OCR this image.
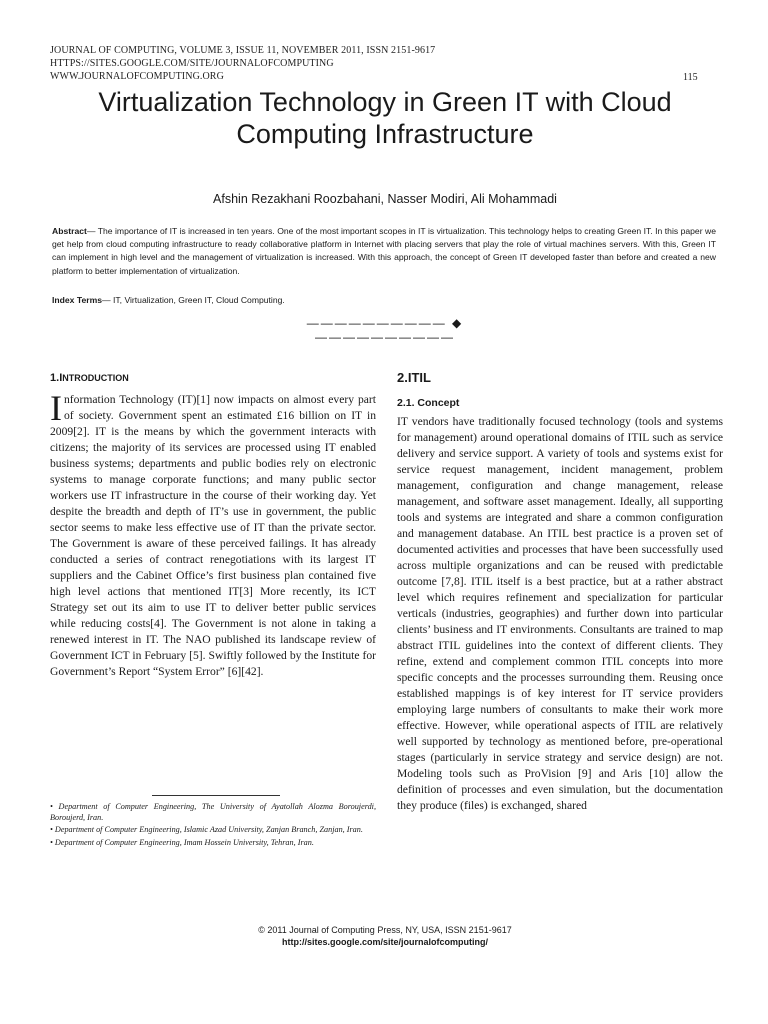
JOURNAL OF COMPUTING, VOLUME 3, ISSUE 11, NOVEMBER 2011, ISSN 2151-9617
HTTPS://SITES.GOOGLE.COM/SITE/JOURNALOFCOMPUTING
WWW.JOURNALOFCOMPUTING.ORG	115
Virtualization Technology in Green IT with Cloud
Computing Infrastructure
Afshin Rezakhani Roozbahani, Nasser Modiri, Ali Mohammadi
Abstract— The importance of IT is increased in ten years. One of the most important scopes in IT is virtualization. This technology helps to creating Green IT. In this paper we get help from cloud computing infrastructure to ready collaborative platform in Internet with placing servers that play the role of virtual machines servers. With this, Green IT can implement in high level and the management of virtualization is increased. With this approach, the concept of Green IT developed faster than before and created a new platform to better implementation of virtualization.
Index Terms— IT, Virtualization, Green IT, Cloud Computing.
—————————— ◆ ——————————
1.INTRODUCTION

Information Technology (IT)[1] now impacts on almost every part of society. Government spent an estimated £16 billion on IT in 2009[2]. IT is the means by which the government interacts with citizens; the majority of its services are processed using IT enabled business systems; departments and public bodies rely on electronic systems to manage corporate functions; and many public sector workers use IT infrastructure in the course of their working day. Yet despite the breadth and depth of IT’s use in government, the public sector seems to make less effective use of IT than the private sector. The Government is aware of these perceived failings. It has already conducted a series of contract renegotiations with its largest IT suppliers and the Cabinet Office’s first business plan contained five high level actions that mentioned IT[3] More recently, its ICT Strategy set out its aim to use IT to deliver better public services while reducing costs[4]. The Government is not alone in taking a renewed interest in IT. The NAO published its landscape review of Government ICT in February [5]. Swiftly followed by the Institute for Government’s Report “System Error” [6][42].

• Department of Computer Engineering, The University of Ayatollah Alozma Boroujerdi, Boroujerd, Iran.

• Department of Computer Engineering, Islamic Azad University, Zanjan Branch, Zanjan, Iran.

• Department of Computer Engineering, Imam Hossein University, Tehran, Iran.

2.ITIL
2.1. Concept

IT vendors have traditionally focused technology (tools and systems for management) around operational domains of ITIL such as service delivery and service support. A variety of tools and systems exist for service request management, incident management, problem management, configuration and change management, release management, and software asset management. Ideally, all supporting tools and systems are integrated and share a common configuration and management database. An ITIL best practice is a proven set of documented activities and processes that have been successfully used across multiple organizations and can be reused with predictable outcome [7,8]. ITIL itself is a best practice, but at a rather abstract level which requires refinement and specialization for particular verticals (industries, geographies) and further down into particular clients’ business and IT environments. Consultants are trained to map abstract ITIL guidelines into the context of different clients. They refine, extend and complement common ITIL concepts into more specific concepts and the processes surrounding them. Reusing once established mappings is of key interest for IT service providers employing large numbers of consultants to make their work more effective. However, while operational aspects of ITIL are relatively well supported by technology as mentioned before, pre-operational stages (particularly in service strategy and service design) are not. Modeling tools such as ProVision [9] and Aris [10] allow the definition of processes and even simulation, but the documentation they produce (files) is exchanged, shared

© 2011 Journal of Computing Press, NY, USA, ISSN 2151-9617
http://sites.google.com/site/journalofcomputing/
